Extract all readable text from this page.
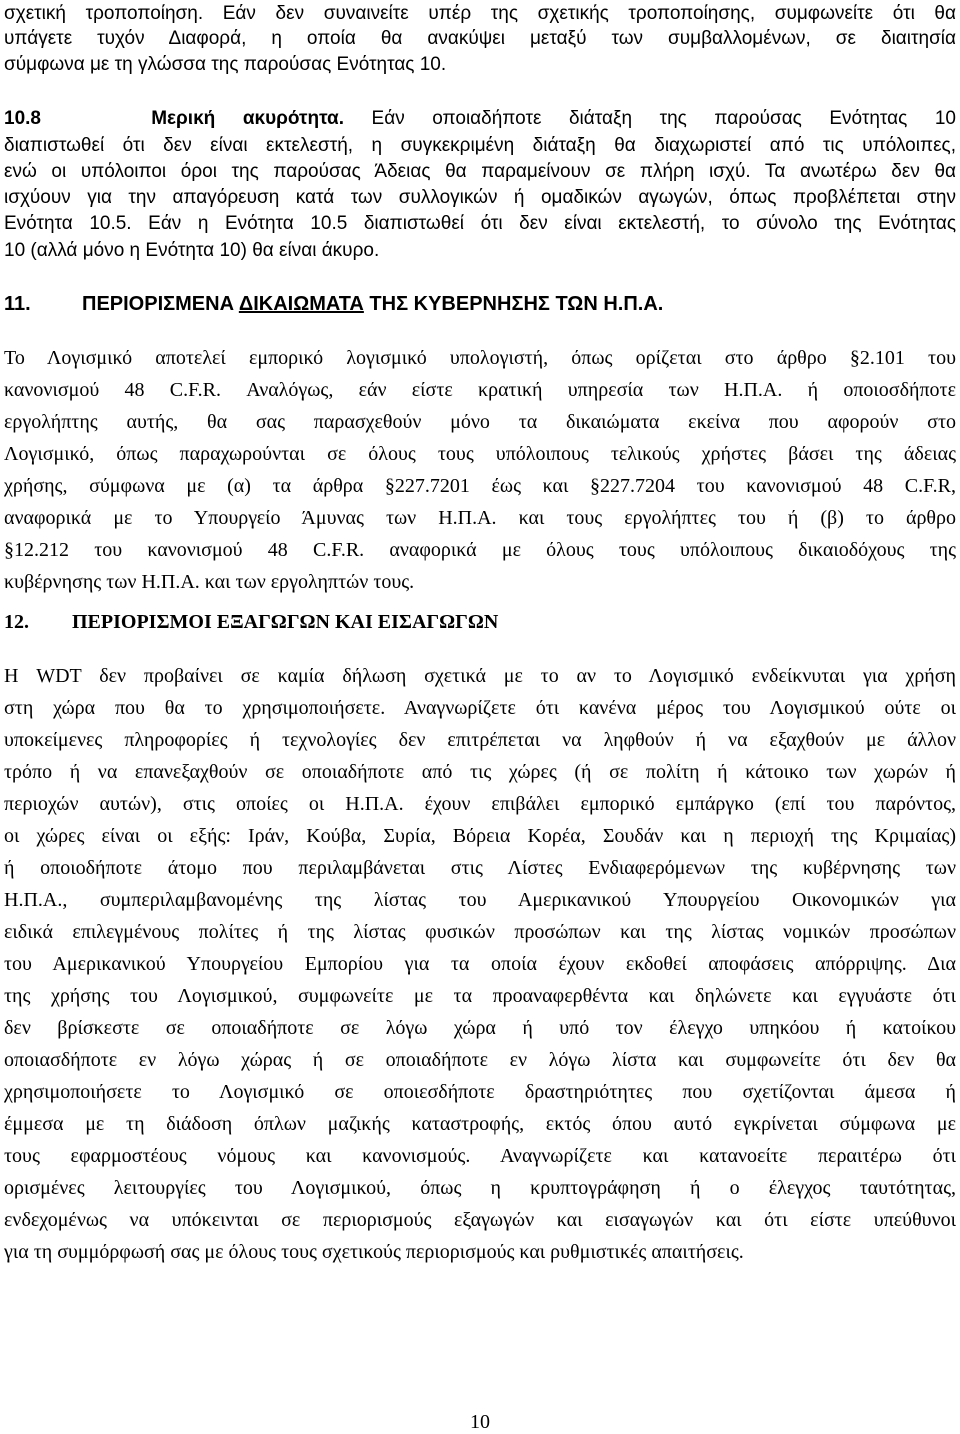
σχετική τροποποίηση. Εάν δεν συναινείτε υπέρ της σχετικής τροποποίησης, συμφωνείτε ότι θα
υπάγετε τυχόν Διαφορά, η οποία θα ανακύψει μεταξύ των συμβαλλομένων, σε διαιτησία
σύμφωνα με τη γλώσσα της παρούσας Ενότητας 10.
10.8	Μερική ακυρότητα. Εάν οποιαδήποτε διάταξη της παρούσας Ενότητας 10
διαπιστωθεί ότι δεν είναι εκτελεστή, η συγκεκριμένη διάταξη θα διαχωριστεί από τις υπόλοιπες,
ενώ οι υπόλοιποι όροι της παρούσας Άδειας θα παραμείνουν σε πλήρη ισχύ. Τα ανωτέρω δεν θα
ισχύουν για την απαγόρευση κατά των συλλογικών ή ομαδικών αγωγών, όπως προβλέπεται στην
Ενότητα 10.5. Εάν η Ενότητα 10.5 διαπιστωθεί ότι δεν είναι εκτελεστή, το σύνολο της Ενότητας
10 (αλλά μόνο η Ενότητα 10) θα είναι άκυρο.
11.	ΠΕΡΙΟΡΙΣΜΕΝΑ ΔΙΚΑΙΩΜΑΤΑ ΤΗΣ ΚΥΒΕΡΝΗΣΗΣ ΤΩΝ Η.Π.Α.
Το Λογισμικό αποτελεί εμπορικό λογισμικό υπολογιστή, όπως ορίζεται στο άρθρο §2.101 του
κανονισμού 48 C.F.R. Αναλόγως, εάν είστε κρατική υπηρεσία των Η.Π.Α. ή οποιοσδήποτε
εργολήπτης αυτής, θα σας παρασχεθούν μόνο τα δικαιώματα εκείνα που αφορούν στο
Λογισμικό, όπως παραχωρούνται σε όλους τους υπόλοιπους τελικούς χρήστες βάσει της άδειας
χρήσης, σύμφωνα με (α) τα άρθρα §227.7201 έως και §227.7204 του κανονισμού 48 C.F.R,
αναφορικά με το Υπουργείο Άμυνας των Η.Π.Α. και τους εργολήπτες του ή (β) το άρθρο
§12.212 του κανονισμού 48 C.F.R. αναφορικά με όλους τους υπόλοιπους δικαιοδόχους της
κυβέρνησης των Η.Π.Α. και των εργοληπτών τους.
12. ΠΕΡΙΟΡΙΣΜΟΙ ΕΞΑΓΩΓΩΝ ΚΑΙ ΕΙΣΑΓΩΓΩΝ
Η WDT δεν προβαίνει σε καμία δήλωση σχετικά με το αν το Λογισμικό ενδείκνυται για χρήση
στη χώρα που θα το χρησιμοποιήσετε. Αναγνωρίζετε ότι κανένα μέρος του Λογισμικού ούτε οι
υποκείμενες πληροφορίες ή τεχνολογίες δεν επιτρέπεται να ληφθούν ή να εξαχθούν με άλλον
τρόπο ή να επανεξαχθούν σε οποιαδήποτε από τις χώρες (ή σε πολίτη ή κάτοικο των χωρών ή
περιοχών αυτών), στις οποίες οι Η.Π.Α. έχουν επιβάλει εμπορικό εμπάργκο (επί του παρόντος,
οι χώρες είναι οι εξής: Ιράν, Κούβα, Συρία, Βόρεια Κορέα, Σουδάν και η περιοχή της Κριμαίας)
ή οποιοδήποτε άτομο που περιλαμβάνεται στις Λίστες Ενδιαφερόμενων της κυβέρνησης των
Η.Π.Α., συμπεριλαμβανομένης της λίστας του Αμερικανικού Υπουργείου Οικονομικών για
ειδικά επιλεγμένους πολίτες ή της λίστας φυσικών προσώπων και της λίστας νομικών προσώπων
του Αμερικανικού Υπουργείου Εμπορίου για τα οποία έχουν εκδοθεί αποφάσεις απόρριψης. Δια
της χρήσης του Λογισμικού, συμφωνείτε με τα προαναφερθέντα και δηλώνετε και εγγυάστε ότι
δεν βρίσκεστε σε οποιαδήποτε σε λόγω χώρα ή υπό τον έλεγχο υπηκόου ή κατοίκου
οποιασδήποτε εν λόγω χώρας ή σε οποιαδήποτε εν λόγω λίστα και συμφωνείτε ότι δεν θα
χρησιμοποιήσετε το Λογισμικό σε οποιεσδήποτε δραστηριότητες που σχετίζονται άμεσα ή
έμμεσα με τη διάδοση όπλων μαζικής καταστροφής, εκτός όπου αυτό εγκρίνεται σύμφωνα με
τους εφαρμοστέους νόμους και κανονισμούς. Αναγνωρίζετε και κατανοείτε περαιτέρω ότι
ορισμένες λειτουργίες του Λογισμικού, όπως η κρυπτογράφηση ή ο έλεγχος ταυτότητας,
ενδεχομένως να υπόκεινται σε περιορισμούς εξαγωγών και εισαγωγών και ότι είστε υπεύθυνοι
για τη συμμόρφωσή σας με όλους τους σχετικούς περιορισμούς και ρυθμιστικές απαιτήσεις.
10
